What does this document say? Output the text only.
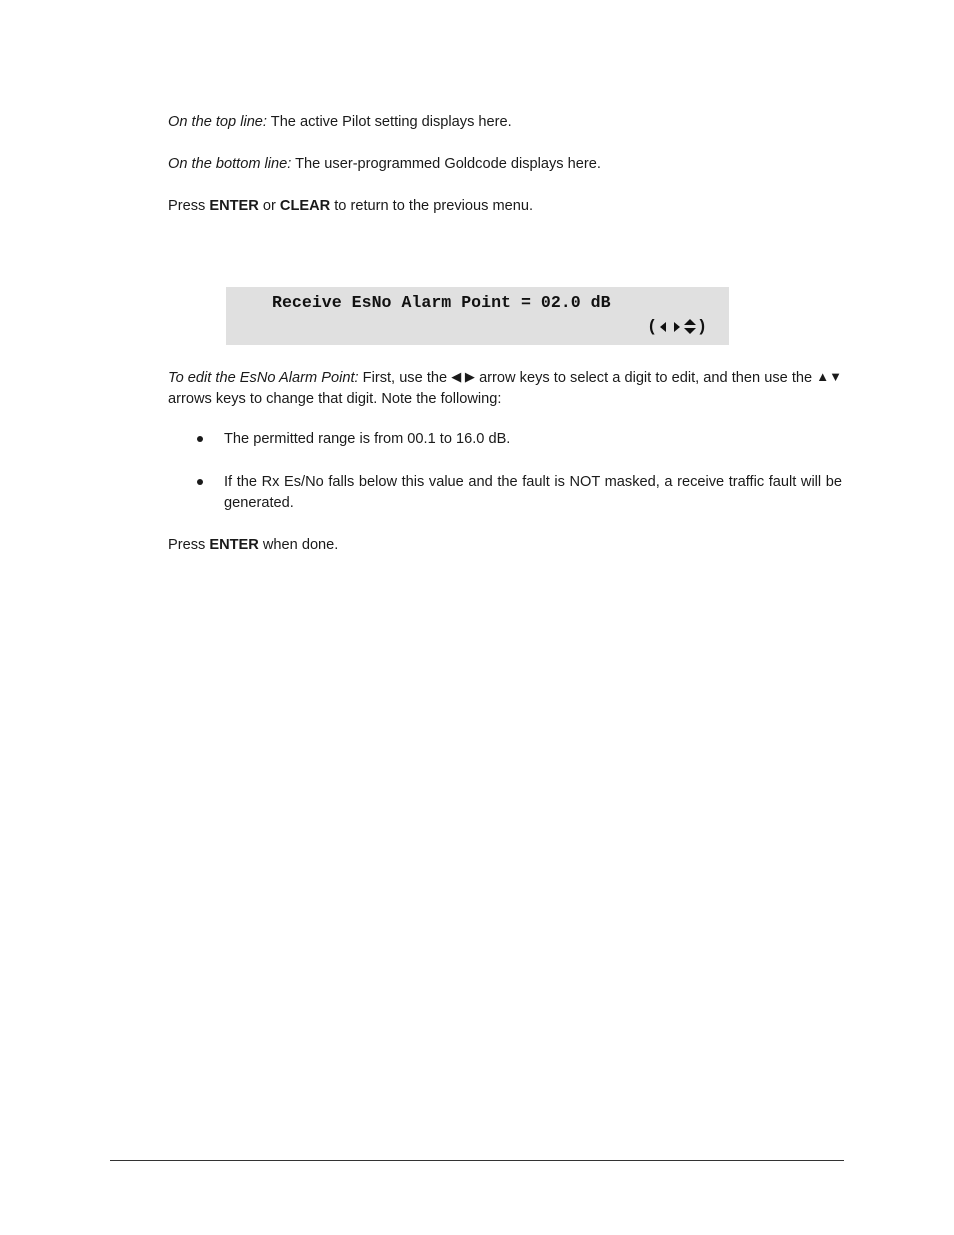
On the top line: The active Pilot setting displays here.

On the bottom line: The user-programmed Goldcode displays here.

Press ENTER or CLEAR to return to the previous menu.

Receive EsNo Alarm Point = 02.0 dB
( )

To edit the EsNo Alarm Point: First, use the ◀ ▶ arrow keys to select a digit to edit, and then use the ▲▼ arrows keys to change that digit. Note the following:

The permitted range is from 00.1 to 16.0 dB.
If the Rx Es/No falls below this value and the fault is NOT masked, a receive traffic fault will be generated.

Press ENTER when done.
